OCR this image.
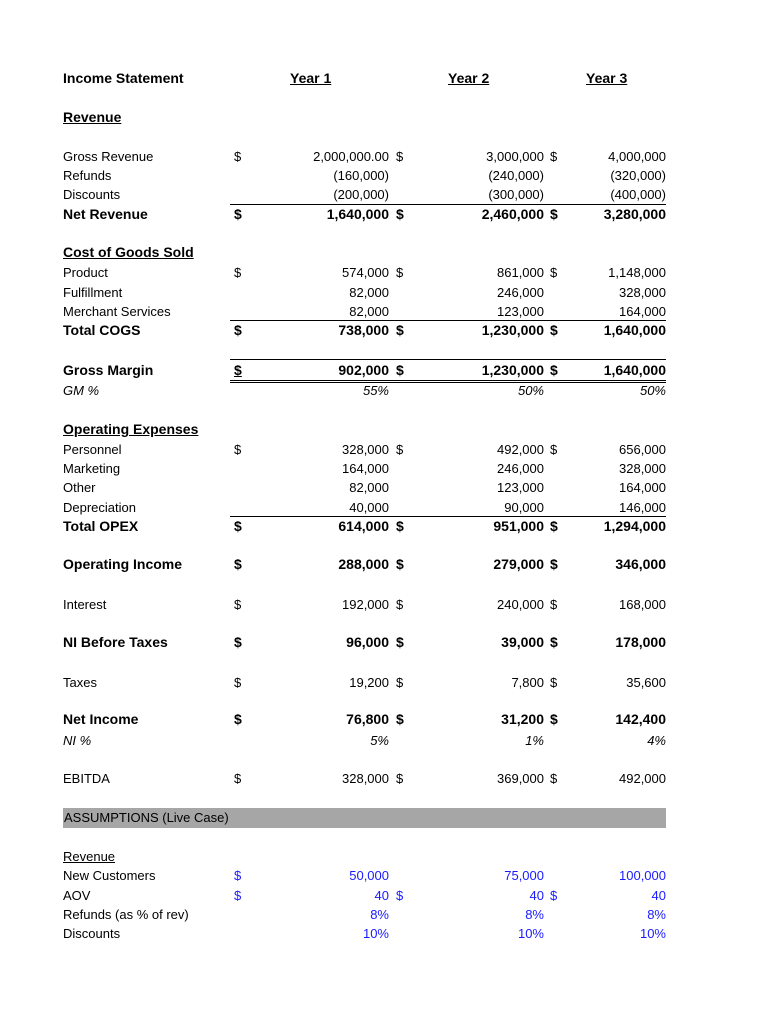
Income Statement	Year 1	Year 2	Year 3
Revenue
Gross Revenue	$	2,000,000.00 $	3,000,000 $	4,000,000
Refunds	(160,000)	(240,000)	(320,000)
Discounts	(200,000)	(300,000)	(400,000)
Net Revenue	$	1,640,000 $	2,460,000 $	3,280,000
Cost of Goods Sold
Product	$	574,000 $	861,000 $	1,148,000
Fulfillment	82,000	246,000	328,000
Merchant Services	82,000	123,000	164,000
Total COGS	$	738,000 $	1,230,000 $	1,640,000
Gross Margin	$	902,000 $	1,230,000 $	1,640,000
GM %	55%	50%	50%
Operating Expenses
Personnel	$	328,000 $	492,000 $	656,000
Marketing	164,000	246,000	328,000
Other	82,000	123,000	164,000
Depreciation	40,000	90,000	146,000
Total OPEX	$	614,000 $	951,000 $	1,294,000
Operating Income	$	288,000 $	279,000 $	346,000
Interest	$	192,000 $	240,000 $	168,000
NI Before Taxes	$	96,000 $	39,000 $	178,000
Taxes	$	19,200 $	7,800 $	35,600
Net Income	$	76,800 $	31,200 $	142,400
NI %	5%	1%	4%
EBITDA	$	328,000 $	369,000 $	492,000
ASSUMPTIONS (Live Case)
Revenue
New Customers	$	50,000	75,000	100,000
AOV	$	40 $	40 $	40
Refunds (as % of rev)	8%	8%	8%
Discounts	10%	10%	10%
